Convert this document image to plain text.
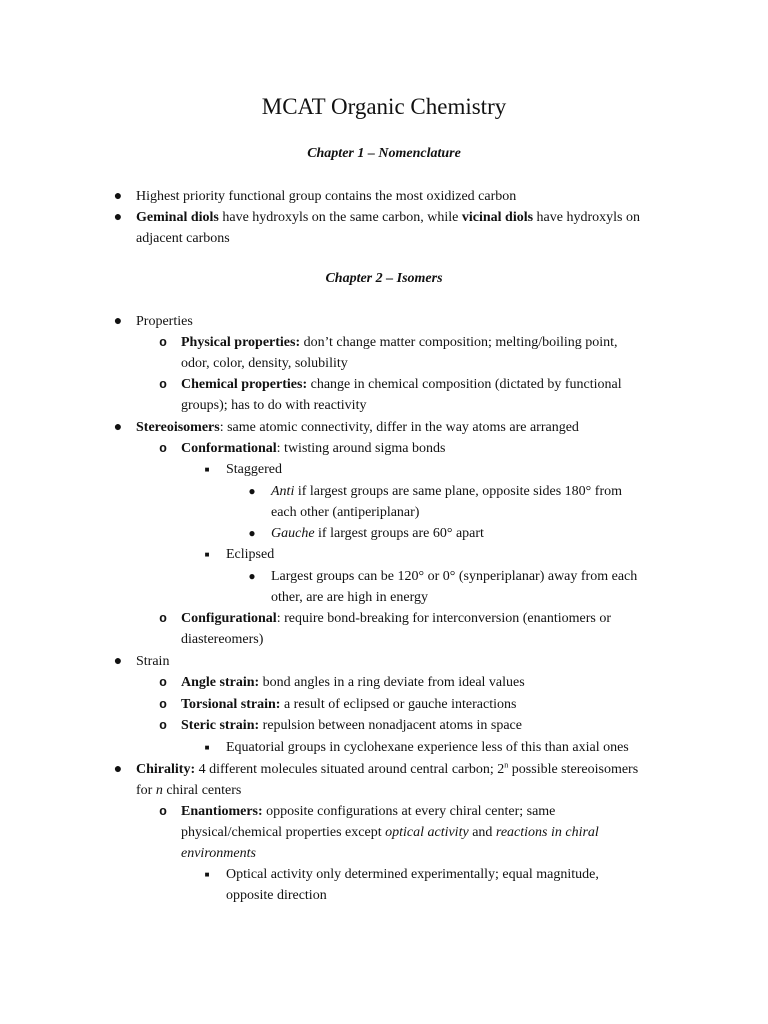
MCAT Organic Chemistry
Chapter 1 – Nomenclature
● Highest priority functional group contains the most oxidized carbon
● Geminal diols have hydroxyls on the same carbon, while vicinal diols have hydroxyls on
adjacent carbons
Chapter 2 – Isomers
● Properties
o Physical properties: don’t change matter composition; melting/boiling point,
odor, color, density, solubility
o Chemical properties: change in chemical composition (dictated by functional
groups); has to do with reactivity
● Stereoisomers: same atomic connectivity, differ in the way atoms are arranged
o Conformational: twisting around sigma bonds
■ Staggered
● Anti if largest groups are same plane, opposite sides 180° from
each other (antiperiplanar)
● Gauche if largest groups are 60° apart
■ Eclipsed
● Largest groups can be 120° or 0° (synperiplanar) away from each
other, are are high in energy
o Configurational: require bond-breaking for interconversion (enantiomers or
diastereomers)
● Strain
o Angle strain: bond angles in a ring deviate from ideal values
o Torsional strain: a result of eclipsed or gauche interactions
o Steric strain: repulsion between nonadjacent atoms in space
■ Equatorial groups in cyclohexane experience less of this than axial ones
● Chirality: 4 different molecules situated around central carbon; 2$^n$ possible stereoisomers
for n chiral centers
o Enantiomers: opposite configurations at every chiral center; same
physical/chemical properties except optical activity and reactions in chiral
environments
■ Optical activity only determined experimentally; equal magnitude,
opposite direction
